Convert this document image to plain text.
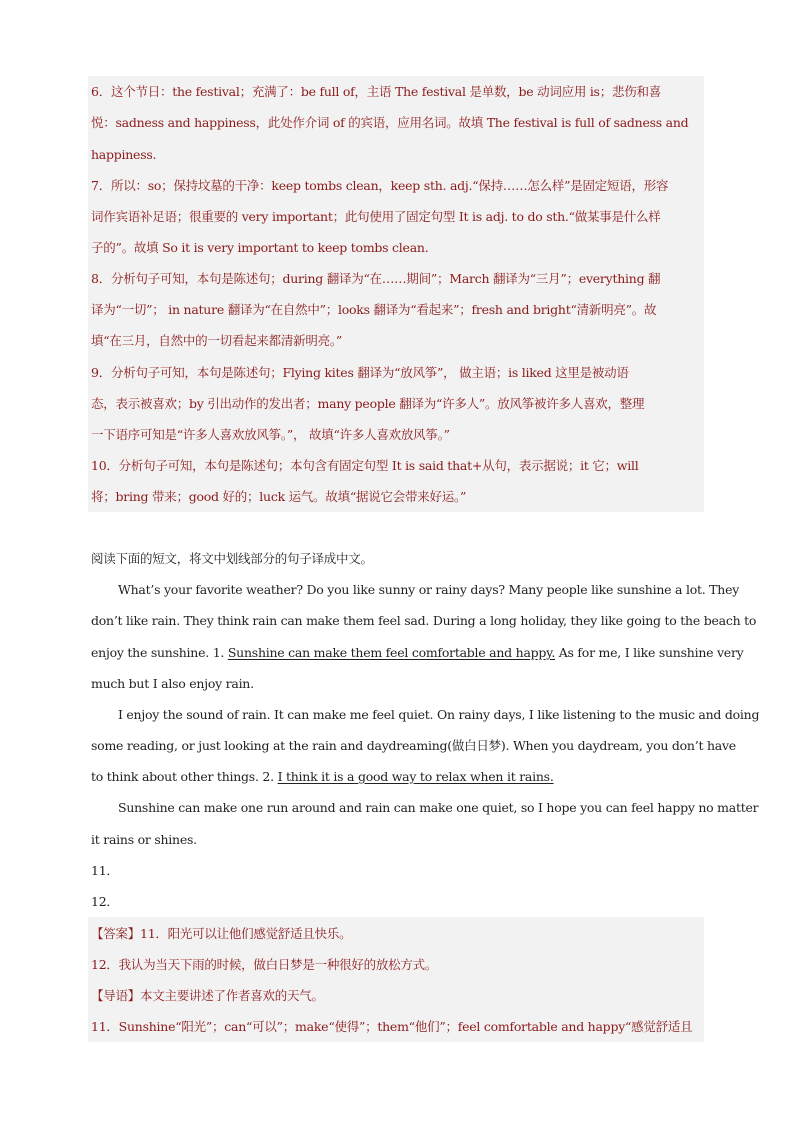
6．这个节日：the festival；充满了：be full of，主语 The festival 是单数，be 动词应用 is；悲伤和喜
悦：sadness and happiness，此处作介词 of 的宾语，应用名词。故填 The festival is full of sadness and
happiness.
7．所以：so；保持坟墓的干净：keep tombs clean，keep sth. adj.“保持……怎么样”是固定短语，形容
词作宾语补足语；很重要的 very important；此句使用了固定句型 It is adj. to do sth.“做某事是什么样
子的”。故填 So it is very important to keep tombs clean.
8．分析句子可知，本句是陈述句；during 翻译为“在……期间”；March 翻译为“三月”；everything 翻
译为“一切”； in nature 翻译为“在自然中”；looks 翻译为“看起来”；fresh and bright“清新明亮”。故
填“在三月，自然中的一切看起来都清新明亮。”
9．分析句子可知，本句是陈述句；Flying kites 翻译为“放风筝”， 做主语；is liked 这里是被动语
态，表示被喜欢；by 引出动作的发出者；many people 翻译为“许多人”。放风筝被许多人喜欢，整理
一下语序可知是“许多人喜欢放风筝。”， 故填“许多人喜欢放风筝。”
10．分析句子可知，本句是陈述句；本句含有固定句型 It is said that+从句，表示据说；it 它；will
将；bring 带来；good 好的；luck 运气。故填“据说它会带来好运。”
阅读下面的短文，将文中划线部分的句子译成中文。
What’s your favorite weather? Do you like sunny or rainy days? Many people like sunshine a lot. They
don’t like rain. They think rain can make them feel sad. During a long holiday, they like going to the beach to
enjoy the sunshine. 1. Sunshine can make them feel comfortable and happy. As for me, I like sunshine very
much but I also enjoy rain.
I enjoy the sound of rain. It can make me feel quiet. On rainy days, I like listening to the music and doing
some reading, or just looking at the rain and daydreaming(做白日梦). When you daydream, you don’t have
to think about other things. 2. I think it is a good way to relax when it rains.
Sunshine can make one run around and rain can make one quiet, so I hope you can feel happy no matter
it rains or shines.
11．
12．
【答案】11．阳光可以让他们感觉舒适且快乐。
12．我认为当天下雨的时候，做白日梦是一种很好的放松方式。
【导语】本文主要讲述了作者喜欢的天气。
11．Sunshine“阳光”；can“可以”；make“使得”；them“他们”；feel comfortable and happy“感觉舒适且
